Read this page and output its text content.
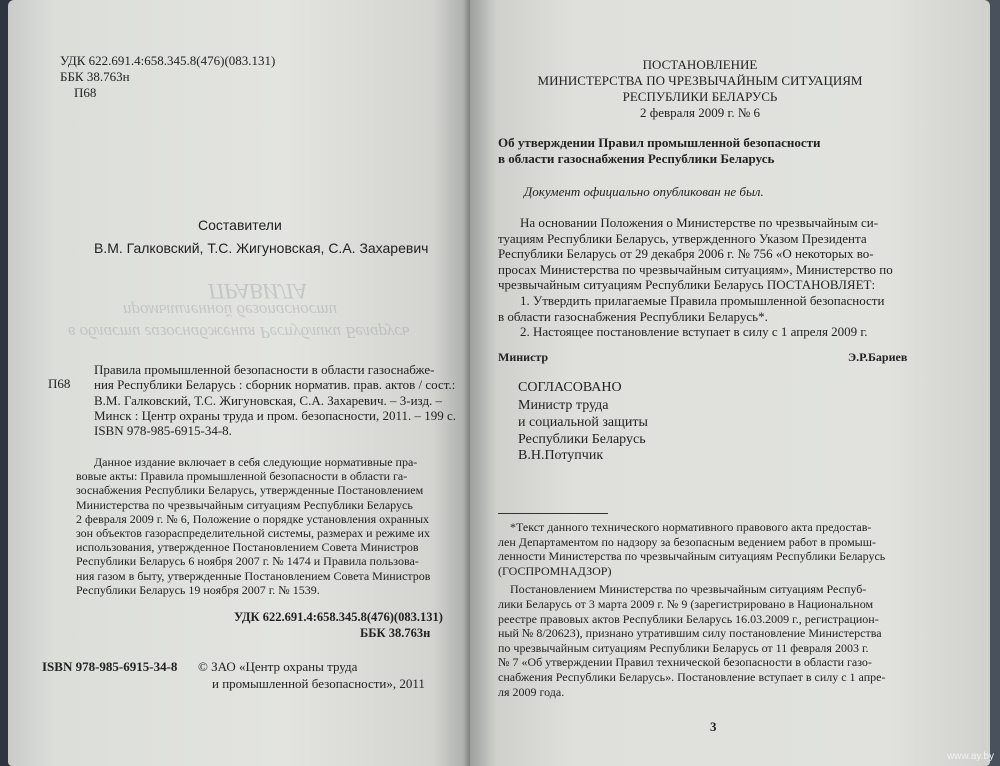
ПРАВИЛА
промышленной безопасности
в области газоснабжения Республики Беларусь
УДК 622.691.4:658.345.8(476)(083.131)
ББК 38.763н
П68
Составители
В.М. Галковский, Т.С. Жигуновская, С.А. Захаревич
П68
Правила промышленной безопасности в области газоснабже-
ния Республики Беларусь : сборник норматив. прав. актов / сост.:
В.М. Галковский, Т.С. Жигуновская, С.А. Захаревич. – 3-изд. –
Минск : Центр охраны труда и пром. безопасности, 2011. – 199 с.
ISBN 978-985-6915-34-8.
Данное издание включает в себя следующие нормативные пра-
вовые акты: Правила промышленной безопасности в области га-
зоснабжения Республики Беларусь, утвержденные Постановлением
Министерства по чрезвычайным ситуациям Республики Беларусь
2 февраля 2009 г. № 6, Положение о порядке установления охранных
зон объектов газораспределительной системы, размерах и режиме их
использования, утвержденное Постановлением Совета Министров
Республики Беларусь 6 ноября 2007 г. № 1474 и Правила пользова-
ния газом в быту, утвержденные Постановлением Совета Министров
Республики Беларусь 19 ноября 2007 г. № 1539.
УДК 622.691.4:658.345.8(476)(083.131)
ББК 38.763н
ISBN 978-985-6915-34-8 © ЗАО «Центр охраны труда
и промышленной безопасности», 2011
ПОСТАНОВЛЕНИЕ
МИНИСТЕРСТВА ПО ЧРЕЗВЫЧАЙНЫМ СИТУАЦИЯМ
РЕСПУБЛИКИ БЕЛАРУСЬ
2 февраля 2009 г. № 6
Об утверждении Правил промышленной безопасности
в области газоснабжения Республики Беларусь
Документ официально опубликован не был.
На основании Положения о Министерстве по чрезвычайным си-
туациям Республики Беларусь, утвержденного Указом Президента
Республики Беларусь от 29 декабря 2006 г. № 756 «О некоторых во-
просах Министерства по чрезвычайным ситуациям», Министерство по
чрезвычайным ситуациям Республики Беларусь ПОСТАНОВЛЯЕТ:
1. Утвердить прилагаемые Правила промышленной безопасности
в области газоснабжения Республики Беларусь*.
2. Настоящее постановление вступает в силу с 1 апреля 2009 г.
Министр	Э.Р.Бариев
СОГЛАСОВАНО
Министр труда
и социальной защиты
Республики Беларусь
В.Н.Потупчик
*Текст данного технического нормативного правового акта предостав-
лен Департаментом по надзору за безопасным ведением работ в промыш-
ленности Министерства по чрезвычайным ситуациям Республики Беларусь
(ГОСПРОМНАДЗОР)
Постановлением Министерства по чрезвычайным ситуациям Респуб-
лики Беларусь от 3 марта 2009 г. № 9 (зарегистрировано в Национальном
реестре правовых актов Республики Беларусь 16.03.2009 г., регистрацион-
ный № 8/20623), признано утратившим силу постановление Министерства
по чрезвычайным ситуациям Республики Беларусь от 11 февраля 2003 г.
№ 7 «Об утверждении Правил технической безопасности в области газо-
снабжения Республики Беларусь». Постановление вступает в силу с 1 апре-
ля 2009 года.
3
www.ay.by
